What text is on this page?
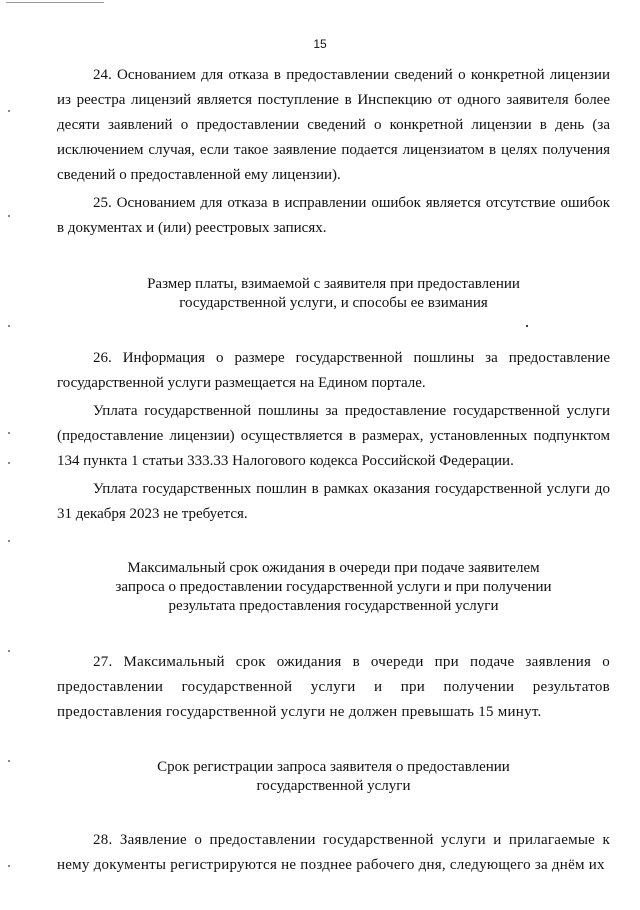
15

24. Основанием для отказа в предоставлении сведений о конкретной лицензии из реестра лицензий является поступление в Инспекцию от одного заявителя более десяти заявлений о предоставлении сведений о конкретной лицензии в день (за исключением случая, если такое заявление подается лицензиатом в целях получения сведений о предоставленной ему лицензии).

25. Основанием для отказа в исправлении ошибок является отсутствие ошибок в документах и (или) реестровых записях.

Размер платы, взимаемой с заявителя при предоставлении
государственной услуги, и способы ее взимания

26. Информация о размере государственной пошлины за предоставление государственной услуги размещается на Едином портале.

Уплата государственной пошлины за предоставление государственной услуги (предоставление лицензии) осуществляется в размерах, установленных подпунктом 134 пункта 1 статьи 333.33 Налогового кодекса Российской Федерации.

Уплата государственных пошлин в рамках оказания государственной услуги до 31 декабря 2023 не требуется.

Максимальный срок ожидания в очереди при подаче заявителем
запроса о предоставлении государственной услуги и при получении
результата предоставления государственной услуги

27. Максимальный срок ожидания в очереди при подаче заявления о предоставлении государственной услуги и при получении результатов предоставления государственной услуги не должен превышать 15 минут.

Срок регистрации запроса заявителя о предоставлении
государственной услуги

28. Заявление о предоставлении государственной услуги и прилагаемые к нему документы регистрируются не позднее рабочего дня, следующего за днём их
